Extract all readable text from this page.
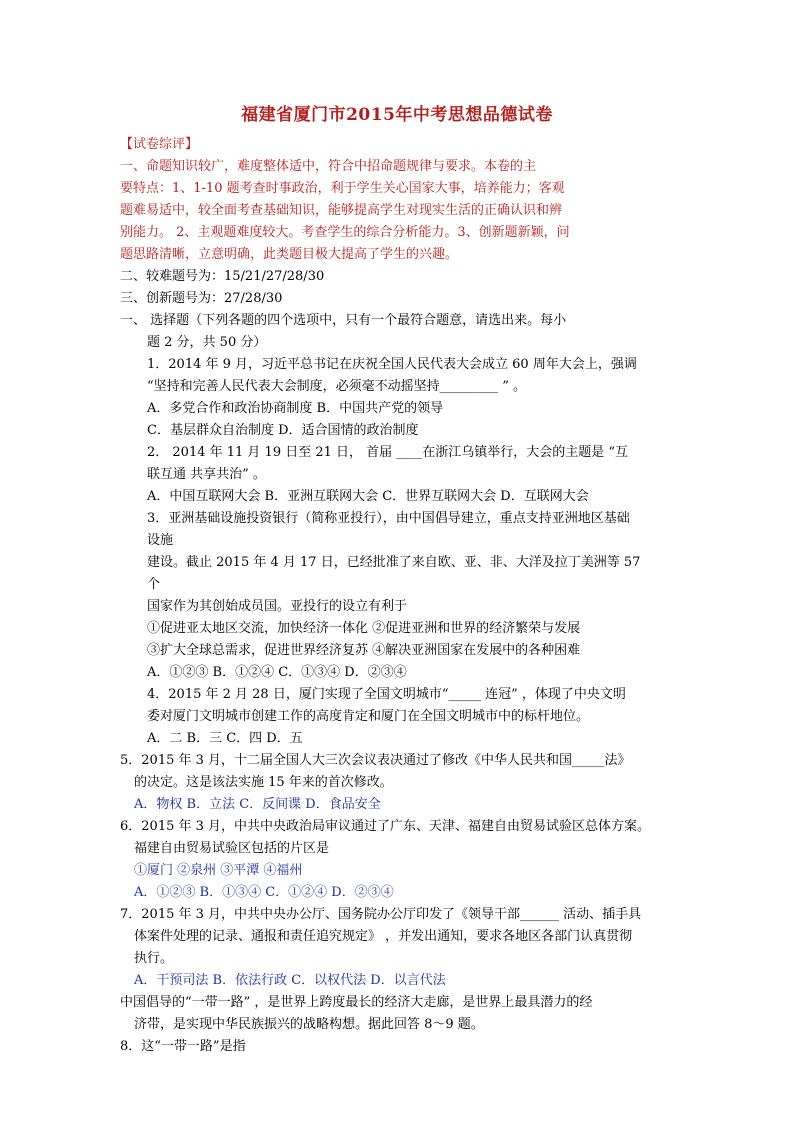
福建省厦门市2015年中考思想品德试卷
【试卷综评】
一、命题知识较广，难度整体适中，符合中招命题规律与要求。本卷的主
要特点：1、1-10 题考查时事政治，利于学生关心国家大事，培养能力；客观
题难易适中，较全面考查基础知识，能够提高学生对现实生活的正确认识和辨
别能力。 2、主观题难度较大。考查学生的综合分析能力。3、创新题新颖，问
题思路清晰，立意明确，此类题目极大提高了学生的兴趣。
二、较难题号为：15/21/27/28/30
三、创新题号为：27/28/30
一、 选择题（下列各题的四个选项中，只有一个最符合题意，请选出来。每小
题 2 分，共 50 分）
1．2014 年 9 月，习近平总书记在庆祝全国人民代表大会成立 60 周年大会上，强调
“坚持和完善人民代表大会制度，必须毫不动摇坚持_________ ” 。
A．多党合作和政治协商制度 B．中国共产党的领导
C．基层群众自治制度 D．适合国情的政治制度
2． 2014 年 11 月 19 日至 21 日， 首届 ____在浙江乌镇举行，大会的主题是 “互
联互通 共享共治” 。
A．中国互联网大会 B．亚洲互联网大会 C．世界互联网大会 D．互联网大会
3．亚洲基础设施投资银行（简称亚投行），由中国倡导建立，重点支持亚洲地区基础
设施
建设。截止 2015 年 4 月 17 日，已经批准了来自欧、亚、非、大洋及拉丁美洲等 57
个
国家作为其创始成员国。亚投行的设立有利于
①促进亚太地区交流，加快经济一体化 ②促进亚洲和世界的经济繁荣与发展
③扩大全球总需求，促进世界经济复苏 ④解决亚洲国家在发展中的各种困难
A．①②③ B．①②④ C．①③④ D．②③④
4．2015 年 2 月 28 日，厦门实现了全国文明城市“_____ 连冠” ，体现了中央文明
委对厦门文明城市创建工作的高度肯定和厦门在全国文明城市中的标杆地位。
A．二 B．三 C．四 D．五
5．2015 年 3 月，十二届全国人大三次会议表决通过了修改《中华人民共和国_____法》
的决定。这是该法实施 15 年来的首次修改。
A．物权 B．立法 C．反间谍 D．食品安全
6．2015 年 3 月，中共中央政治局审议通过了广东、天津、福建自由贸易试验区总体方案。
福建自由贸易试验区包括的片区是
①厦门 ②泉州 ③平潭 ④福州
A．①②③ B．①③④ C．①②④ D．②③④
7．2015 年 3 月，中共中央办公厅、国务院办公厅印发了《领导干部______ 活动、插手具
体案件处理的记录、通报和责任追究规定》 ，并发出通知，要求各地区各部门认真贯彻
执行。
A．干预司法 B．依法行政 C．以权代法 D．以言代法
中国倡导的“一带一路” ，是世界上跨度最长的经济大走廊，是世界上最具潜力的经
济带，是实现中华民族振兴的战略构想。据此回答 8～9 题。
8．这“一带一路”是指
